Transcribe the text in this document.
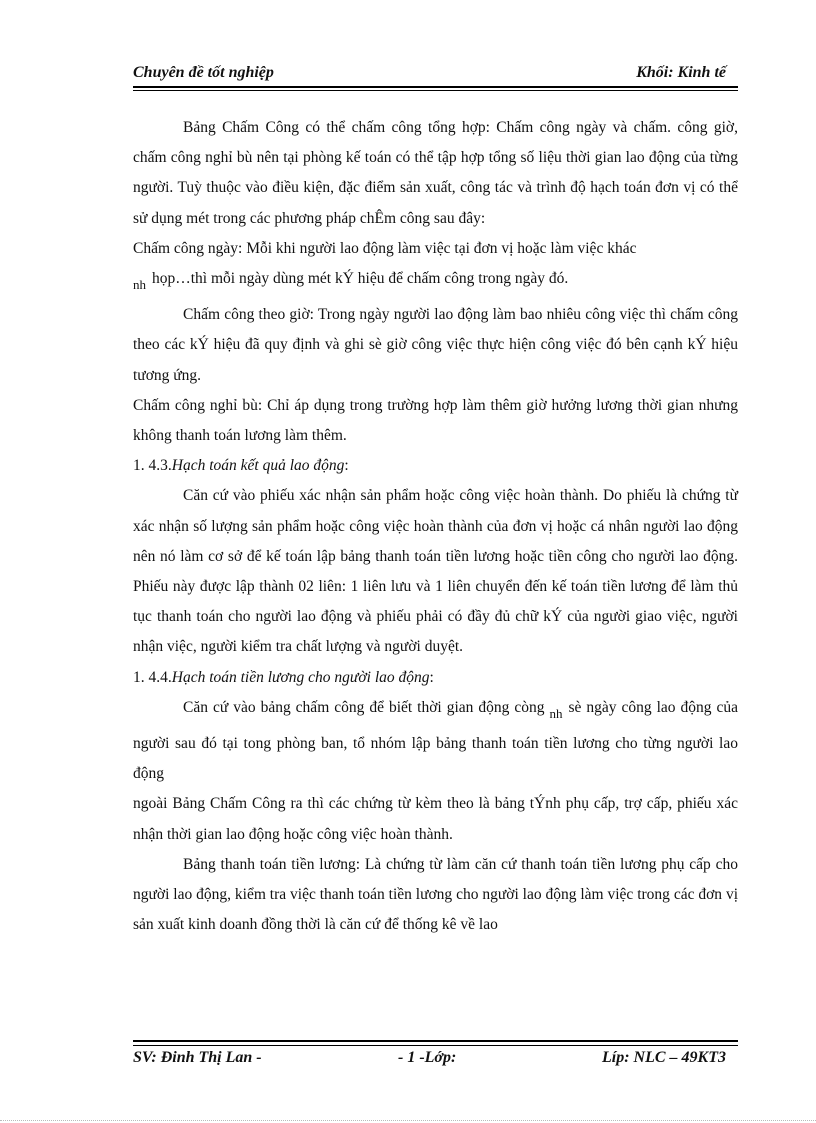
Chuyên đề tốt nghiệp	Khối: Kinh tế

Bảng Chấm Công có thể chấm công tổng hợp: Chấm công ngày và chấm. công giờ, chấm công nghỉ bù nên tại phòng kế toán có thể tập hợp tổng số liệu thời gian lao động của từng người. Tuỳ thuộc vào điều kiện, đặc điểm sản xuất, công tác và trình độ hạch toán đơn vị có thể sử dụng mét trong các phương pháp chÊm công sau đây:

Chấm công ngày: Mỗi khi người lao động làm việc tại đơn vị hoặc làm việc khác
$_{nh}$ họp…thì mỗi ngày dùng mét kÝ hiệu để chấm công trong ngày đó.

Chấm công theo giờ: Trong ngày người lao động làm bao nhiêu công việc thì chấm công theo các kÝ hiệu đã quy định và ghi sè giờ công việc thực hiện công việc đó bên cạnh kÝ hiệu tương ứng.

Chấm công nghỉ bù: Chỉ áp dụng trong trường hợp làm thêm giờ hưởng lương thời gian nhưng không thanh toán lương làm thêm.

1. 4.3.Hạch toán kết quả lao động:

Căn cứ vào phiếu xác nhận sản phẩm hoặc công việc hoàn thành. Do phiếu là chứng từ xác nhận số lượng sản phẩm hoặc công việc hoàn thành của đơn vị hoặc cá nhân người lao động nên nó làm cơ sở để kế toán lập bảng thanh toán tiền lương hoặc tiền công cho người lao động. Phiếu này được lập thành 02 liên: 1 liên lưu và 1 liên chuyển đến kế toán tiền lương để làm thủ tục thanh toán cho người lao động và phiếu phải có đầy đủ chữ kÝ của người giao việc, người nhận việc, người kiểm tra chất lượng và người duyệt.

1. 4.4.Hạch toán tiền lương cho người lao động:

Căn cứ vào bảng chấm công để biết thời gian động còng $_{nh}$ sè ngày công lao động của người sau đó tại tong phòng ban, tổ nhóm lập bảng thanh toán tiền lương cho từng người lao động

ngoài Bảng Chấm Công ra thì các chứng từ kèm theo là bảng tÝnh phụ cấp, trợ cấp, phiếu xác nhận thời gian lao động hoặc công việc hoàn thành.

Bảng thanh toán tiền lương: Là chứng từ làm căn cứ thanh toán tiền lương phụ cấp cho người lao động, kiểm tra việc thanh toán tiền lương cho người lao động làm việc trong các đơn vị sản xuất kinh doanh đồng thời là căn cứ để thống kê về lao

SV: Đinh Thị Lan -	- 1 -Lớp:	Líp: NLC – 49KT3
